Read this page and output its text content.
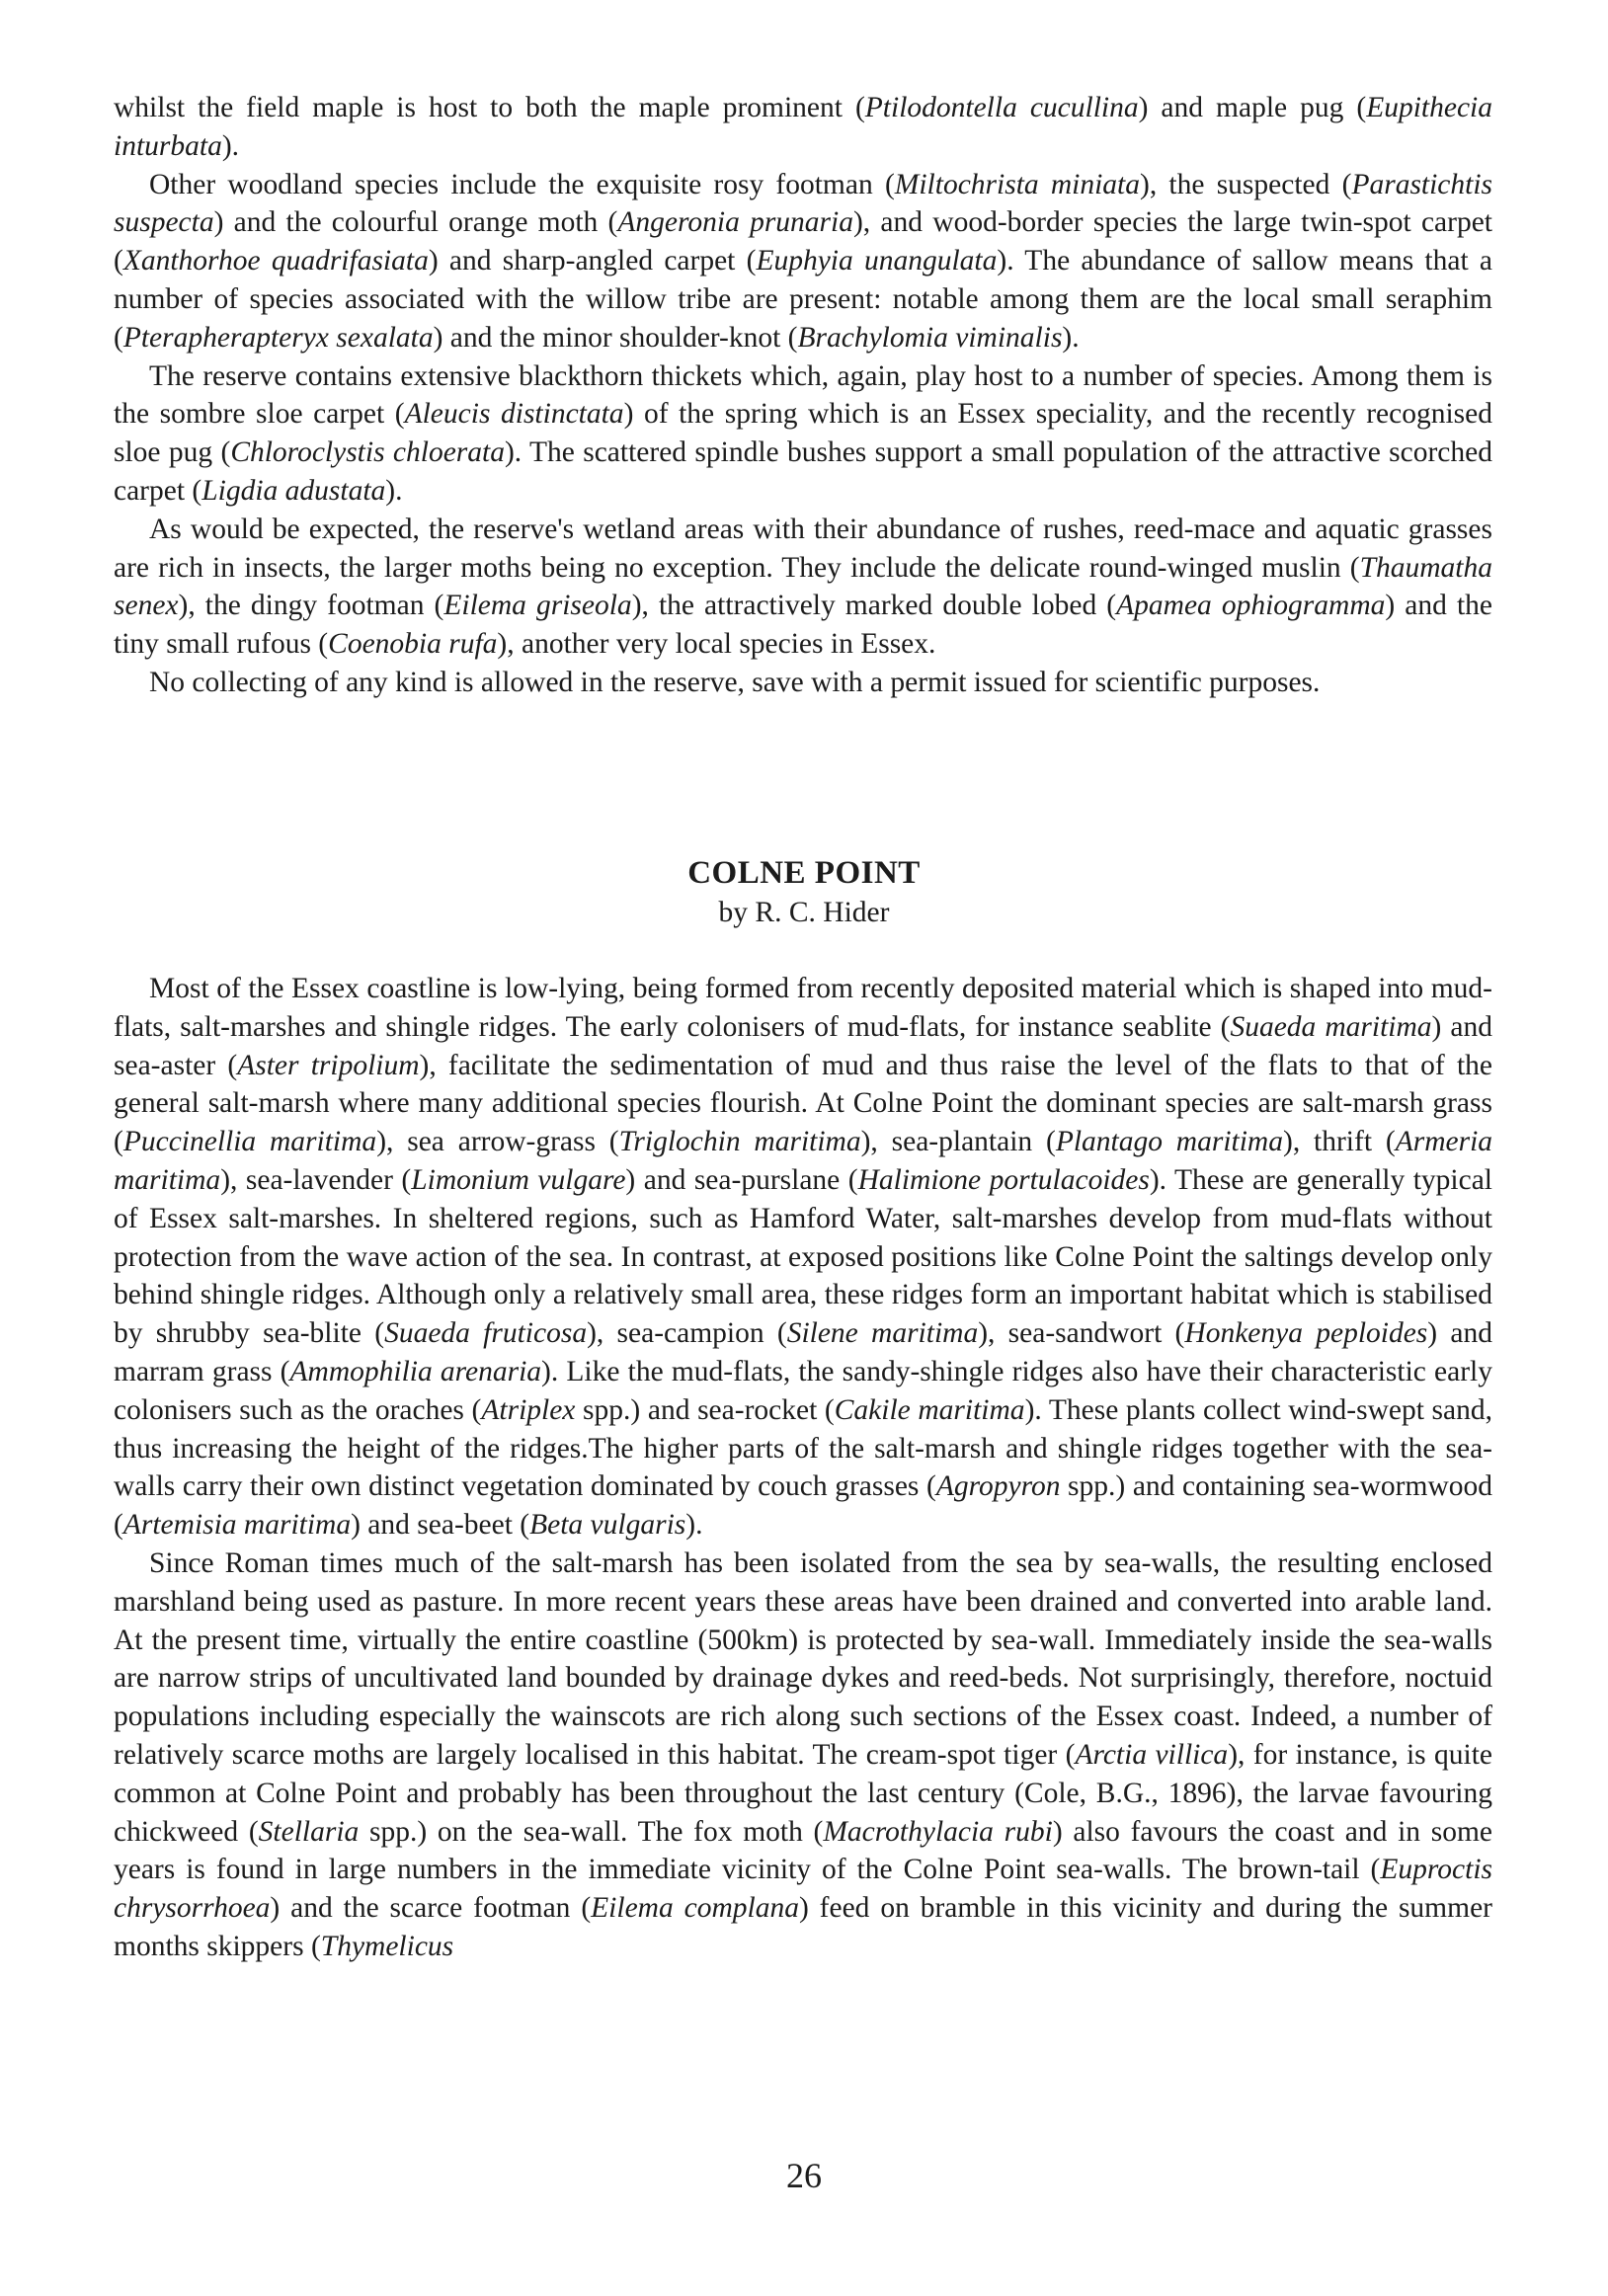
whilst the field maple is host to both the maple prominent (Ptilodontella cucullina) and maple pug (Eupithecia inturbata).

Other woodland species include the exquisite rosy footman (Miltochrista miniata), the suspected (Parastichtis suspecta) and the colourful orange moth (Angeronia prunaria), and wood-border species the large twin-spot carpet (Xanthorhoe quadrifasiata) and sharp-angled carpet (Euphyia unangulata). The abundance of sallow means that a number of species associated with the willow tribe are present: notable among them are the local small seraphim (Pterapherapteryx sexalata) and the minor shoulder-knot (Brachylomia viminalis).

The reserve contains extensive blackthorn thickets which, again, play host to a number of species. Among them is the sombre sloe carpet (Aleucis distinctata) of the spring which is an Essex speciality, and the recently recognised sloe pug (Chloroclystis chloerata). The scattered spindle bushes support a small population of the attractive scorched carpet (Ligdia adustata).

As would be expected, the reserve's wetland areas with their abundance of rushes, reed-mace and aquatic grasses are rich in insects, the larger moths being no exception. They include the delicate round-winged muslin (Thaumatha senex), the dingy footman (Eilema griseola), the attractively marked double lobed (Apamea ophiogramma) and the tiny small rufous (Coenobia rufa), another very local species in Essex.

No collecting of any kind is allowed in the reserve, save with a permit issued for scientific purposes.

COLNE POINT
by R. C. Hider

Most of the Essex coastline is low-lying, being formed from recently deposited material which is shaped into mud-flats, salt-marshes and shingle ridges. The early colonisers of mud-flats, for instance seablite (Suaeda maritima) and sea-aster (Aster tripolium), facilitate the sedimentation of mud and thus raise the level of the flats to that of the general salt-marsh where many additional species flourish. At Colne Point the dominant species are salt-marsh grass (Puccinellia maritima), sea arrow-grass (Triglochin maritima), sea-plantain (Plantago maritima), thrift (Armeria maritima), sea-lavender (Limonium vulgare) and sea-purslane (Halimione portulacoides). These are generally typical of Essex salt-marshes. In sheltered regions, such as Hamford Water, salt-marshes develop from mud-flats without protection from the wave action of the sea. In contrast, at exposed positions like Colne Point the saltings develop only behind shingle ridges. Although only a relatively small area, these ridges form an important habitat which is stabilised by shrubby sea-blite (Suaeda fruticosa), sea-campion (Silene maritima), sea-sandwort (Honkenya peploides) and marram grass (Ammophilia arenaria). Like the mud-flats, the sandy-shingle ridges also have their characteristic early colonisers such as the oraches (Atriplex spp.) and sea-rocket (Cakile maritima). These plants collect wind-swept sand, thus increasing the height of the ridges.The higher parts of the salt-marsh and shingle ridges together with the sea-walls carry their own distinct vegetation dominated by couch grasses (Agropyron spp.) and containing sea-wormwood (Artemisia maritima) and sea-beet (Beta vulgaris).

Since Roman times much of the salt-marsh has been isolated from the sea by sea-walls, the resulting enclosed marshland being used as pasture. In more recent years these areas have been drained and converted into arable land. At the present time, virtually the entire coastline (500km) is protected by sea-wall. Immediately inside the sea-walls are narrow strips of uncultivated land bounded by drainage dykes and reed-beds. Not surprisingly, therefore, noctuid populations including especially the wainscots are rich along such sections of the Essex coast. Indeed, a number of relatively scarce moths are largely localised in this habitat. The cream-spot tiger (Arctia villica), for instance, is quite common at Colne Point and probably has been throughout the last century (Cole, B.G., 1896), the larvae favouring chickweed (Stellaria spp.) on the sea-wall. The fox moth (Macrothylacia rubi) also favours the coast and in some years is found in large numbers in the immediate vicinity of the Colne Point sea-walls. The brown-tail (Euproctis chrysorrhoea) and the scarce footman (Eilema complana) feed on bramble in this vicinity and during the summer months skippers (Thymelicus

26
